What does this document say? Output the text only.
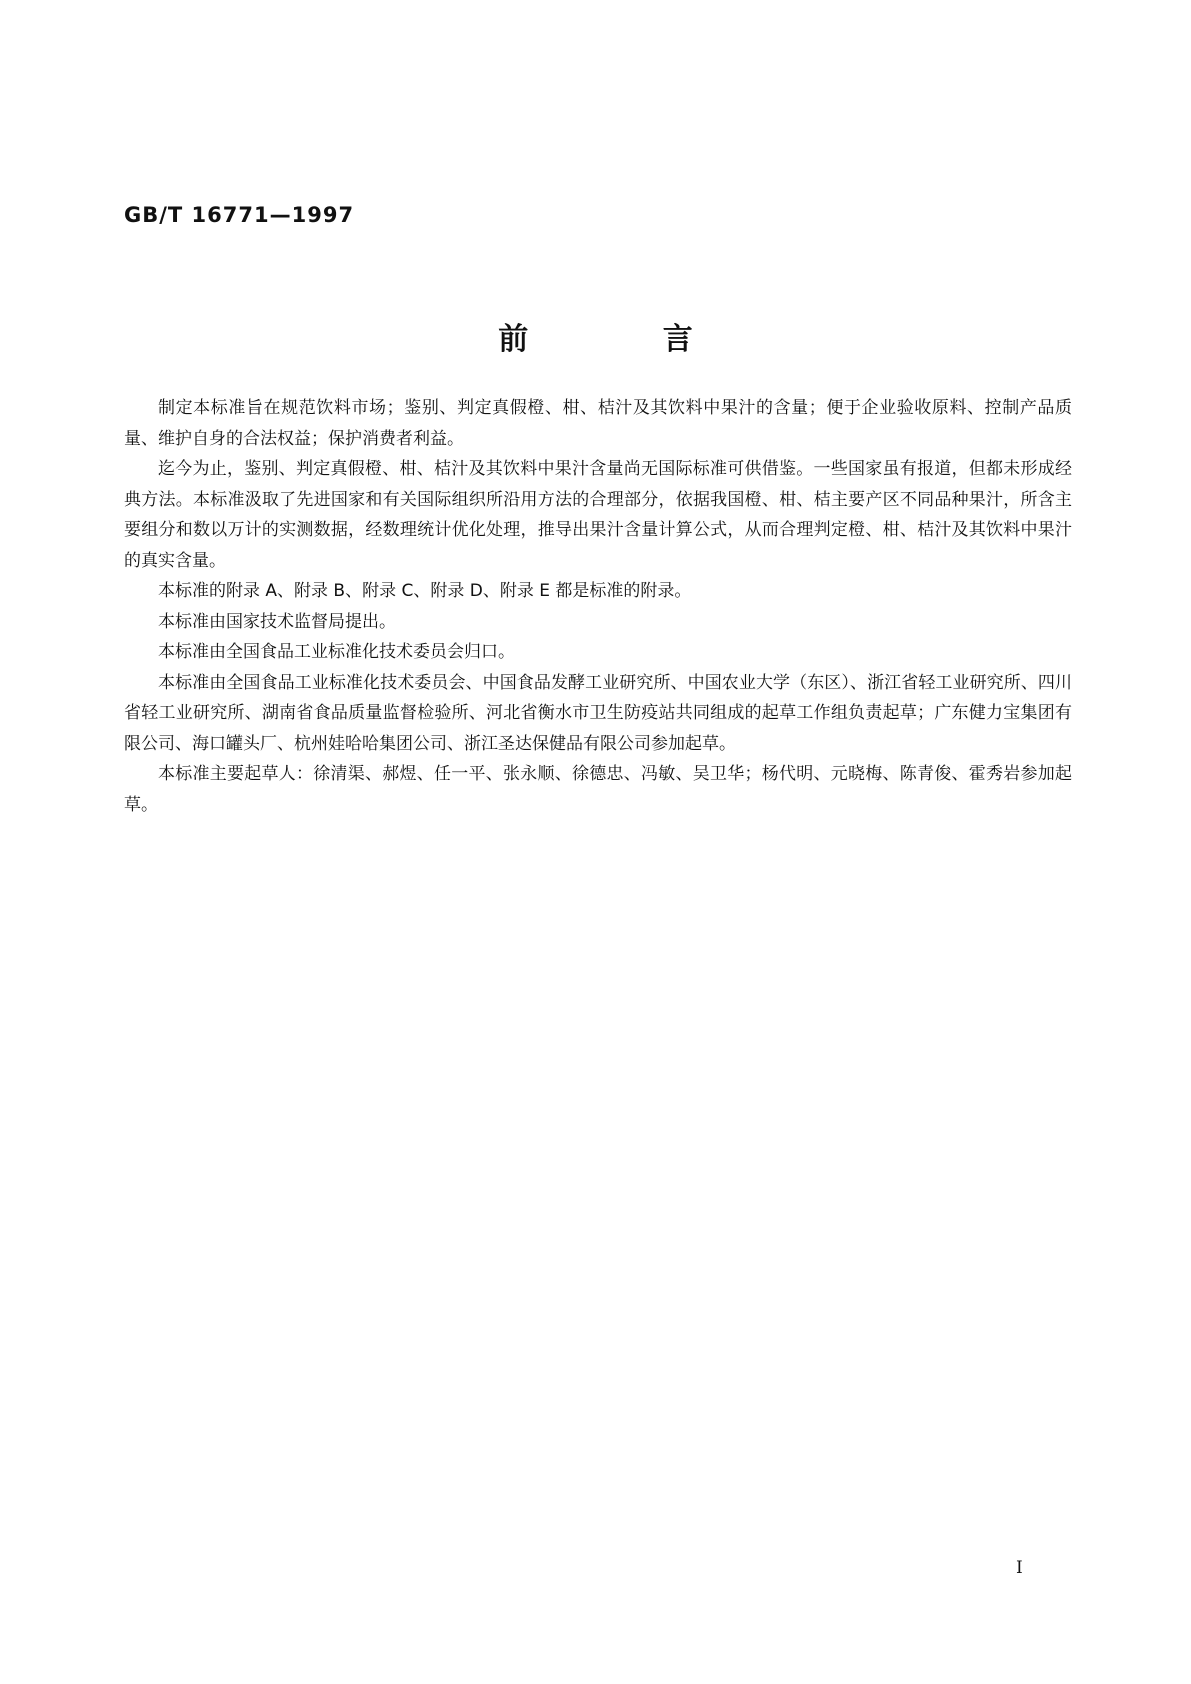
GB/T 16771—1997
前 言

制定本标准旨在规范饮料市场；鉴别、判定真假橙、柑、桔汁及其饮料中果汁的含量；便于企业验收原料、控制产品质量、维护自身的合法权益；保护消费者利益。

迄今为止，鉴别、判定真假橙、柑、桔汁及其饮料中果汁含量尚无国际标准可供借鉴。一些国家虽有报道，但都未形成经典方法。本标准汲取了先进国家和有关国际组织所沿用方法的合理部分，依据我国橙、柑、桔主要产区不同品种果汁，所含主要组分和数以万计的实测数据，经数理统计优化处理，推导出果汁含量计算公式，从而合理判定橙、柑、桔汁及其饮料中果汁的真实含量。

本标准的附录 A、附录 B、附录 C、附录 D、附录 E 都是标准的附录。

本标准由国家技术监督局提出。

本标准由全国食品工业标准化技术委员会归口。

本标准由全国食品工业标准化技术委员会、中国食品发酵工业研究所、中国农业大学（东区）、浙江省轻工业研究所、四川省轻工业研究所、湖南省食品质量监督检验所、河北省衡水市卫生防疫站共同组成的起草工作组负责起草；广东健力宝集团有限公司、海口罐头厂、杭州娃哈哈集团公司、浙江圣达保健品有限公司参加起草。

本标准主要起草人：徐清渠、郝煜、任一平、张永顺、徐德忠、冯敏、吴卫华；杨代明、元晓梅、陈青俊、霍秀岩参加起草。

I
